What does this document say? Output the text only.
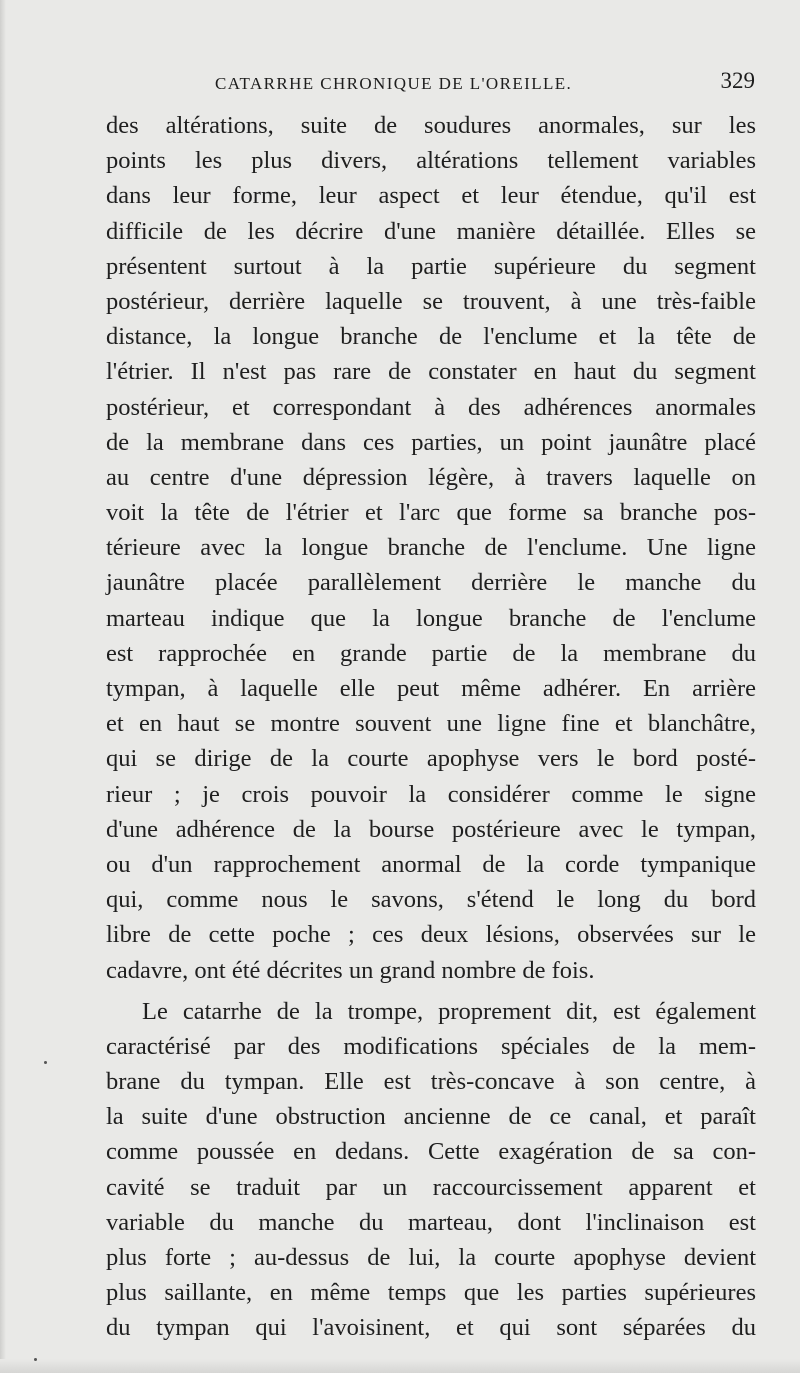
CATARRHE CHRONIQUE DE L'OREILLE.	329
des altérations, suite de soudures anormales, sur les
points les plus divers, altérations tellement variables
dans leur forme, leur aspect et leur étendue, qu'il est
difficile de les décrire d'une manière détaillée. Elles se
présentent surtout à la partie supérieure du segment
postérieur, derrière laquelle se trouvent, à une très-faible
distance, la longue branche de l'enclume et la tête de
l'étrier. Il n'est pas rare de constater en haut du segment
postérieur, et correspondant à des adhérences anormales
de la membrane dans ces parties, un point jaunâtre placé
au centre d'une dépression légère, à travers laquelle on
voit la tête de l'étrier et l'arc que forme sa branche pos-
térieure avec la longue branche de l'enclume. Une ligne
jaunâtre placée parallèlement derrière le manche du
marteau indique que la longue branche de l'enclume
est rapprochée en grande partie de la membrane du
tympan, à laquelle elle peut même adhérer. En arrière
et en haut se montre souvent une ligne fine et blanchâtre,
qui se dirige de la courte apophyse vers le bord posté-
rieur ; je crois pouvoir la considérer comme le signe
d'une adhérence de la bourse postérieure avec le tympan,
ou d'un rapprochement anormal de la corde tympanique
qui, comme nous le savons, s'étend le long du bord
libre de cette poche ; ces deux lésions, observées sur le
cadavre, ont été décrites un grand nombre de fois.
Le catarrhe de la trompe, proprement dit, est également
caractérisé par des modifications spéciales de la mem-
brane du tympan. Elle est très-concave à son centre, à
la suite d'une obstruction ancienne de ce canal, et paraît
comme poussée en dedans. Cette exagération de sa con-
cavité se traduit par un raccourcissement apparent et
variable du manche du marteau, dont l'inclinaison est
plus forte ; au-dessus de lui, la courte apophyse devient
plus saillante, en même temps que les parties supérieures
du tympan qui l'avoisinent, et qui sont séparées du
